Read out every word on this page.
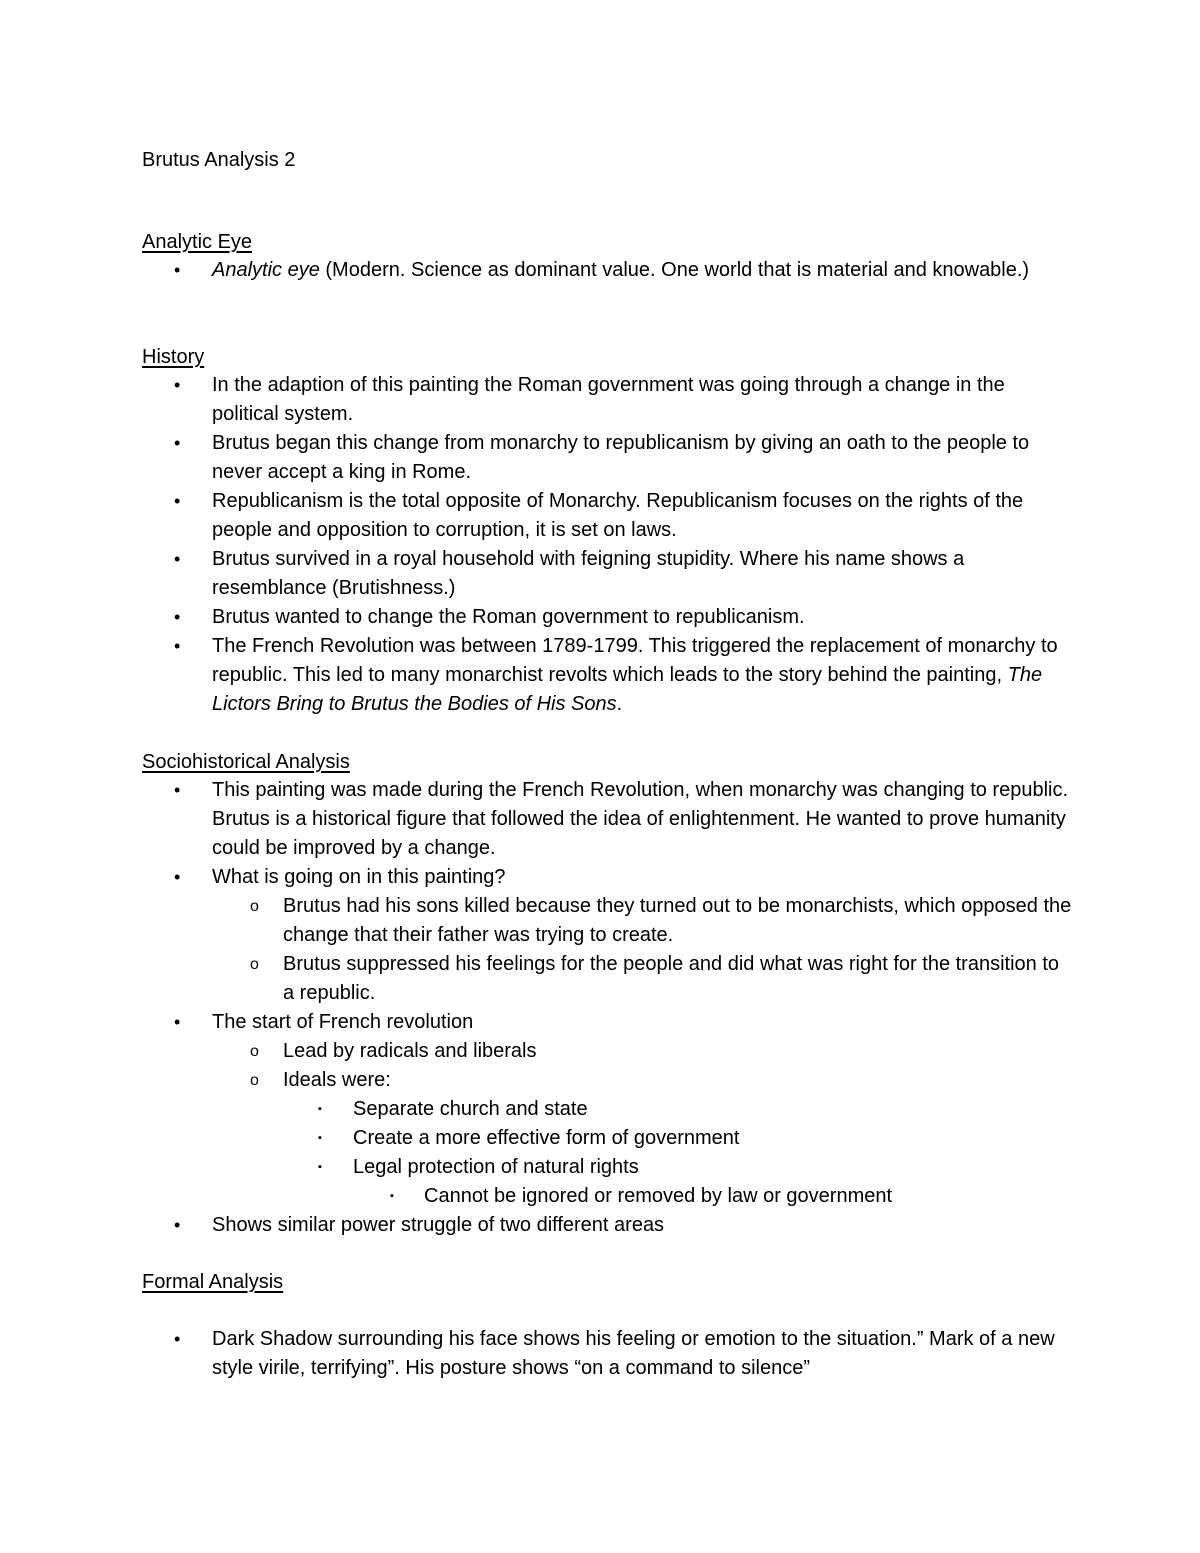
Brutus Analysis 2
Analytic Eye
• Analytic eye (Modern. Science as dominant value. One world that is material and knowable.)
History
• In the adaption of this painting the Roman government was going through a change in the political system.
• Brutus began this change from monarchy to republicanism by giving an oath to the people to never accept a king in Rome.
• Republicanism is the total opposite of Monarchy. Republicanism focuses on the rights of the people and opposition to corruption, it is set on laws.
• Brutus survived in a royal household with feigning stupidity. Where his name shows a resemblance (Brutishness.)
• Brutus wanted to change the Roman government to republicanism.
• The French Revolution was between 1789-1799. This triggered the replacement of monarchy to republic. This led to many monarchist revolts which leads to the story behind the painting, The Lictors Bring to Brutus the Bodies of His Sons.
Sociohistorical Analysis
• This painting was made during the French Revolution, when monarchy was changing to republic. Brutus is a historical figure that followed the idea of enlightenment. He wanted to prove humanity could be improved by a change.
• What is going on in this painting?
o Brutus had his sons killed because they turned out to be monarchists, which opposed the change that their father was trying to create.
o Brutus suppressed his feelings for the people and did what was right for the transition to a republic.
• The start of French revolution
o Lead by radicals and liberals
o Ideals were:
▪ Separate church and state
▪ Create a more effective form of government
▪ Legal protection of natural rights
▪ Cannot be ignored or removed by law or government
• Shows similar power struggle of two different areas
Formal Analysis
• Dark Shadow surrounding his face shows his feeling or emotion to the situation.” Mark of a new style virile, terrifying”. His posture shows “on a command to silence”
